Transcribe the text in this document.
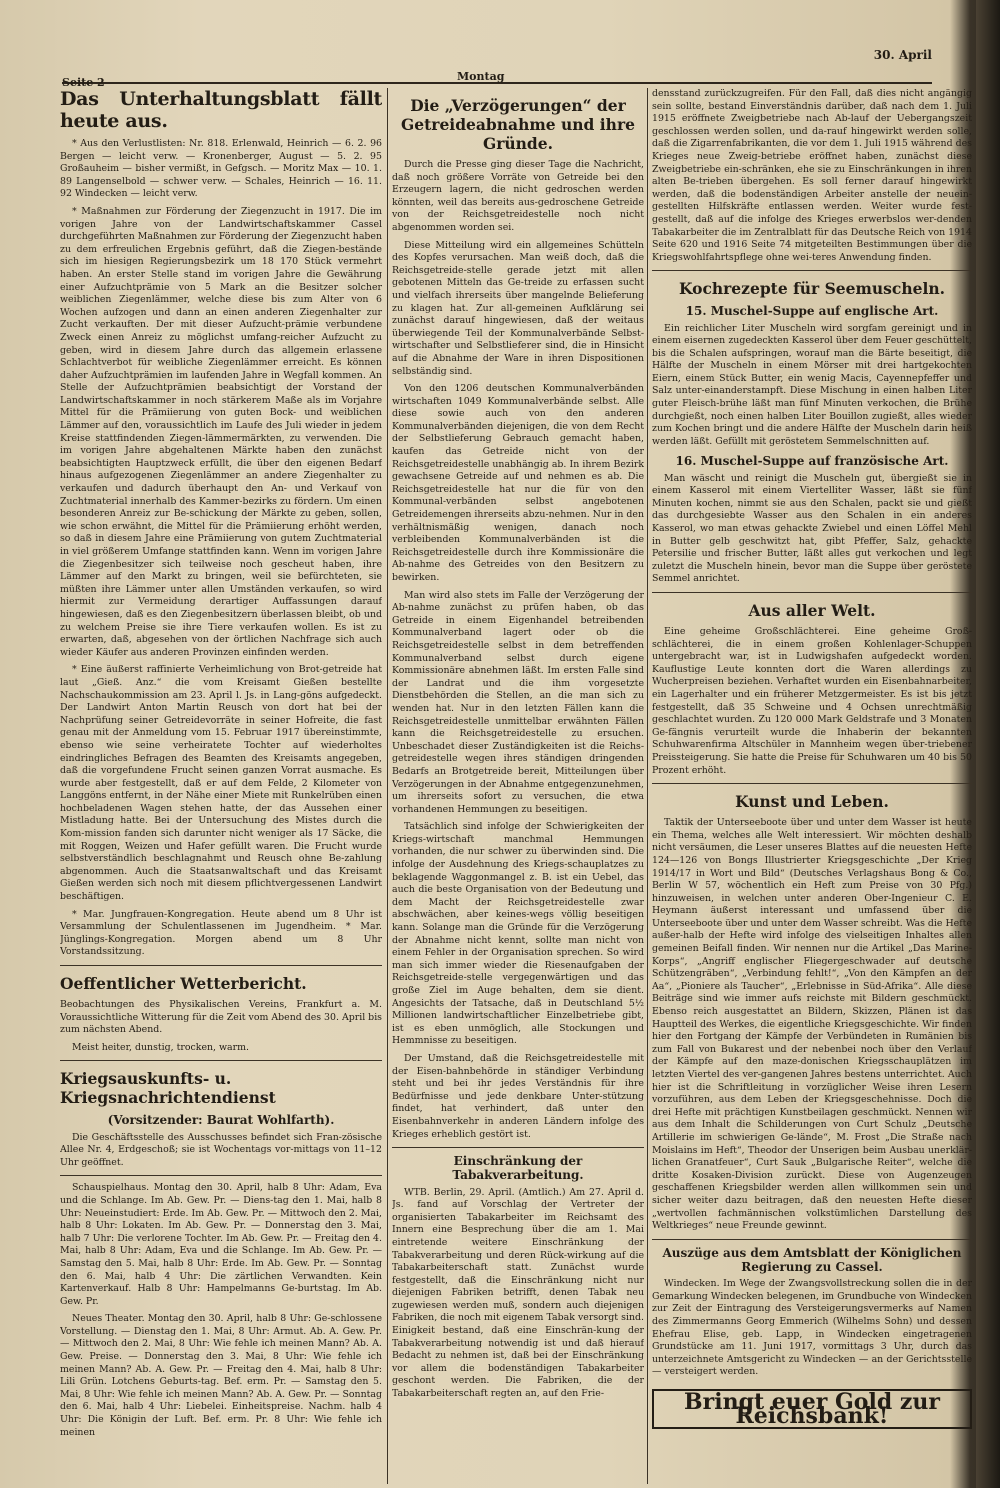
Seite 2	Montag
30. April
Das Unterhaltungsblatt fällt heute aus.

* Aus den Verlustlisten: Nr. 818. Erlenwald, Heinrich — 6. 2. 96 Bergen — leicht verw. — Kronenberger, August — 5. 2. 95 Großauheim — bisher vermißt, in Gefgsch. — Moritz Max — 10. 1. 89 Langenselbold — schwer verw. — Schales, Heinrich — 16. 11. 92 Windecken — leicht verw.

* Maßnahmen zur Förderung der Ziegenzucht in 1917. Die im vorigen Jahre von der Landwirtschaftskammer Cassel durchgeführten Maßnahmen zur Förderung der Ziegenzucht haben zu dem erfreulichen Ergebnis geführt, daß die Ziegen-bestände sich im hiesigen Regierungsbezirk um 18 170 Stück vermehrt haben. An erster Stelle stand im vorigen Jahre die Gewährung einer Aufzuchtprämie von 5 Mark an die Besitzer solcher weiblichen Ziegenlämmer, welche diese bis zum Alter von 6 Wochen aufzogen und dann an einen anderen Ziegenhalter zur Zucht verkauften. Der mit dieser Aufzucht-prämie verbundene Zweck einen Anreiz zu möglichst umfang-reicher Aufzucht zu geben, wird in diesem Jahre durch das allgemein erlassene Schlachtverbot für weibliche Ziegenlämmer erreicht. Es können daher Aufzuchtprämien im laufenden Jahre in Wegfall kommen. An Stelle der Aufzuchtprämien beabsichtigt der Vorstand der Landwirtschaftskammer in noch stärkerem Maße als im Vorjahre Mittel für die Prämiierung von guten Bock- und weiblichen Lämmer auf den, voraussichtlich im Laufe des Juli wieder in jedem Kreise stattfindenden Ziegen-lämmermärkten, zu verwenden. Die im vorigen Jahre abgehaltenen Märkte haben den zunächst beabsichtigten Hauptzweck erfüllt, die über den eigenen Bedarf hinaus aufgezogenen Ziegenlämmer an andere Ziegenhalter zu verkaufen und dadurch überhaupt den An- und Verkauf von Zuchtmaterial innerhalb des Kammer-bezirks zu fördern. Um einen besonderen Anreiz zur Be-schickung der Märkte zu geben, sollen, wie schon erwähnt, die Mittel für die Prämiierung erhöht werden, so daß in diesem Jahre eine Prämiierung von gutem Zuchtmaterial in viel größerem Umfange stattfinden kann. Wenn im vorigen Jahre die Ziegenbesitzer sich teilweise noch gescheut haben, ihre Lämmer auf den Markt zu bringen, weil sie befürchteten, sie müßten ihre Lämmer unter allen Umständen verkaufen, so wird hiermit zur Vermeidung derartiger Auffassungen darauf hingewiesen, daß es den Ziegenbesitzern überlassen bleibt, ob und zu welchem Preise sie ihre Tiere verkaufen wollen. Es ist zu erwarten, daß, abgesehen von der örtlichen Nachfrage sich auch wieder Käufer aus anderen Provinzen einfinden werden.

* Eine äußerst raffinierte Verheimlichung von Brot-getreide hat laut „Gieß. Anz.“ die vom Kreisamt Gießen bestellte Nachschaukommission am 23. April l. Js. in Lang-göns aufgedeckt. Der Landwirt Anton Martin Reusch von dort hat bei der Nachprüfung seiner Getreidevorräte in seiner Hofreite, die fast genau mit der Anmeldung vom 15. Februar 1917 übereinstimmte, ebenso wie seine verheiratete Tochter auf wiederholtes eindringliches Befragen des Beamten des Kreisamts angegeben, daß die vorgefundene Frucht seinen ganzen Vorrat ausmache. Es wurde aber festgestellt, daß er auf dem Felde, 2 Kilometer von Langgöns entfernt, in der Nähe einer Miete mit Runkelrüben einen hochbeladenen Wagen stehen hatte, der das Aussehen einer Mistladung hatte. Bei der Untersuchung des Mistes durch die Kom-mission fanden sich darunter nicht weniger als 17 Säcke, die mit Roggen, Weizen und Hafer gefüllt waren. Die Frucht wurde selbstverständlich beschlagnahmt und Reusch ohne Be-zahlung abgenommen. Auch die Staatsanwaltschaft und das Kreisamt Gießen werden sich noch mit diesem pflichtvergessenen Landwirt beschäftigen.

* Mar. Jungfrauen-Kongregation. Heute abend um 8 Uhr ist Versammlung der Schulentlassenen im Jugendheim. * Mar. Jünglings-Kongregation. Morgen abend um 8 Uhr Vorstandssitzung.

Oeffentlicher Wetterbericht.

Beobachtungen des Physikalischen Vereins, Frankfurt a. M. Voraussichtliche Witterung für die Zeit vom Abend des 30. April bis zum nächsten Abend.

Meist heiter, dunstig, trocken, warm.

Kriegsauskunfts- u. Kriegsnachrichtendienst
(Vorsitzender: Baurat Wohlfarth).

Die Geschäftsstelle des Ausschusses befindet sich Fran-zösische Allee Nr. 4, Erdgeschoß; sie ist Wochentags vor-mittags von 11–12 Uhr geöffnet.

Schauspielhaus. Montag den 30. April, halb 8 Uhr: Adam, Eva und die Schlange. Im Ab. Gew. Pr. — Diens-tag den 1. Mai, halb 8 Uhr: Neueinstudiert: Erde. Im Ab. Gew. Pr. — Mittwoch den 2. Mai, halb 8 Uhr: Lokaten. Im Ab. Gew. Pr. — Donnerstag den 3. Mai, halb 7 Uhr: Die verlorene Tochter. Im Ab. Gew. Pr. — Freitag den 4. Mai, halb 8 Uhr: Adam, Eva und die Schlange. Im Ab. Gew. Pr. — Samstag den 5. Mai, halb 8 Uhr: Erde. Im Ab. Gew. Pr. — Sonntag den 6. Mai, halb 4 Uhr: Die zärtlichen Verwandten. Kein Kartenverkauf. Halb 8 Uhr: Hampelmanns Ge-burtstag. Im Ab. Gew. Pr.

Neues Theater. Montag den 30. April, halb 8 Uhr: Ge-schlossene Vorstellung. — Dienstag den 1. Mai, 8 Uhr: Armut. Ab. A. Gew. Pr. — Mittwoch den 2. Mai, 8 Uhr: Wie fehle ich meinen Mann? Ab. A. Gew. Preise. — Donnerstag den 3. Mai, 8 Uhr: Wie fehle ich meinen Mann? Ab. A. Gew. Pr. — Freitag den 4. Mai, halb 8 Uhr: Lili Grün. Lotchens Geburts-tag. Bef. erm. Pr. — Samstag den 5. Mai, 8 Uhr: Wie fehle ich meinen Mann? Ab. A. Gew. Pr. — Sonntag den 6. Mai, halb 4 Uhr: Liebelei. Einheitspreise. Nachm. halb 4 Uhr: Die Königin der Luft. Bef. erm. Pr. 8 Uhr: Wie fehle ich meinen

Die „Verzögerungen“ der Getreideabnahme und ihre Gründe.

Durch die Presse ging dieser Tage die Nachricht, daß noch größere Vorräte von Getreide bei den Erzeugern lagern, die nicht gedroschen werden könnten, weil das bereits aus-gedroschene Getreide von der Reichsgetreidestelle noch nicht abgenommen worden sei.

Diese Mitteilung wird ein allgemeines Schütteln des Kopfes verursachen. Man weiß doch, daß die Reichsgetreide-stelle gerade jetzt mit allen gebotenen Mitteln das Ge-treide zu erfassen sucht und vielfach ihrerseits über mangelnde Belieferung zu klagen hat. Zur all-gemeinen Aufklärung sei zunächst darauf hingewiesen, daß der weitaus überwiegende Teil der Kommunalverbände Selbst-wirtschafter und Selbstlieferer sind, die in Hinsicht auf die Abnahme der Ware in ihren Dispositionen selbständig sind.

Von den 1206 deutschen Kommunalverbänden wirtschaften 1049 Kommunalverbände selbst. Alle diese sowie auch von den anderen Kommunalverbänden diejenigen, die von dem Recht der Selbstlieferung Gebrauch gemacht haben, kaufen das Getreide nicht von der Reichsgetreidestelle unabhängig ab. In ihrem Bezirk gewachsene Getreide auf und nehmen es ab. Die Reichsgetreidestelle hat nur die für von den Kommunal-verbänden selbst angebotenen Getreidemengen ihrerseits abzu-nehmen. Nur in den verhältnismäßig wenigen, danach noch verbleibenden Kommunalverbänden ist die Reichsgetreidestelle durch ihre Kommissionäre die Ab-nahme des Getreides von den Besitzern zu bewirken.

Man wird also stets im Falle der Verzögerung der Ab-nahme zunächst zu prüfen haben, ob das Getreide in einem Eigenhandel betreibenden Kommunalverband lagert oder ob die Reichsgetreidestelle selbst in dem betreffenden Kommunalverband selbst durch eigene Kommissionäre abnehmen läßt. Im ersten Falle sind der Landrat und die ihm vorgesetzte Dienstbehörden die Stellen, an die man sich zu wenden hat. Nur in den letzten Fällen kann die Reichsgetreidestelle unmittelbar erwähnten Fällen kann die Reichsgetreidestelle zu ersuchen. Unbeschadet dieser Zuständigkeiten ist die Reichs-getreidestelle wegen ihres ständigen dringenden Bedarfs an Brotgetreide bereit, Mitteilungen über Verzögerungen in der Abnahme entgegenzunehmen, um ihrerseits sofort zu versuchen, die etwa vorhandenen Hemmungen zu beseitigen.

Tatsächlich sind infolge der Schwierigkeiten der Kriegs-wirtschaft manchmal Hemmungen vorhanden, die nur schwer zu überwinden sind. Die infolge der Ausdehnung des Kriegs-schauplatzes zu beklagende Waggonmangel z. B. ist ein Uebel, das auch die beste Organisation von der Bedeutung und dem Macht der Reichsgetreidestelle zwar abschwächen, aber keines-wegs völlig beseitigen kann. Solange man die Gründe für die Verzögerung der Abnahme nicht kennt, sollte man nicht von einem Fehler in der Organisation sprechen. So wird man sich immer wieder die Riesenaufgaben der Reichsgetreide-stelle vergegenwärtigen und das große Ziel im Auge behalten, dem sie dient. Angesichts der Tatsache, daß in Deutschland 5½ Millionen landwirtschaftlicher Einzelbetriebe gibt, ist es eben unmöglich, alle Stockungen und Hemmnisse zu beseitigen.

Der Umstand, daß die Reichsgetreidestelle mit der Eisen-bahnbehörde in ständiger Verbindung steht und bei ihr jedes Verständnis für ihre Bedürfnisse und jede denkbare Unter-stützung findet, hat verhindert, daß unter den Eisenbahnverkehr in anderen Ländern infolge des Krieges erheblich gestört ist.

Einschränkung der Tabakverarbeitung.

WTB. Berlin, 29. April. (Amtlich.) Am 27. April d. Js. fand auf Vorschlag der Vertreter der organisierten Tabakarbeiter im Reichsamt des Innern eine Besprechung über die am 1. Mai eintretende weitere Einschränkung der Tabakverarbeitung und deren Rück-wirkung auf die Tabakarbeiterschaft statt. Zunächst wurde festgestellt, daß die Einschränkung nicht nur diejenigen Fabriken betrifft, denen Tabak neu zugewiesen werden muß, sondern auch diejenigen Fabriken, die noch mit eigenem Tabak versorgt sind. Einigkeit bestand, daß eine Einschrän-kung der Tabakverarbeitung notwendig ist und daß hierauf Bedacht zu nehmen ist, daß bei der Einschränkung vor allem die bodenständigen Tabakarbeiter geschont werden. Die Fabriken, die der Tabakarbeiterschaft regten an, auf den Frie-

densstand zurückzugreifen. Für den Fall, daß dies nicht angängig sein sollte, bestand Einverständnis darüber, daß nach dem 1. Juli 1915 eröffnete Zweigbetriebe nach Ab-lauf der Uebergangszeit geschlossen werden sollen, und da-rauf hingewirkt werden solle, daß die Zigarrenfabrikanten, die vor dem 1. Juli 1915 während des Krieges neue Zweig-betriebe eröffnet haben, zunächst diese Zweigbetriebe ein-schränken, ehe sie zu Einschränkungen in ihren alten Be-trieben übergehen. Es soll ferner darauf hingewirkt werden, daß die bodenständigen Arbeiter anstelle der neuein-gestellten Hilfskräfte entlassen werden. Weiter wurde fest-gestellt, daß auf die infolge des Krieges erwerbslos wer-denden Tabakarbeiter die im Zentralblatt für das Deutsche Reich von 1914 Seite 620 und 1916 Seite 74 mitgeteilten Bestimmungen über die Kriegswohlfahrtspflege ohne wei-teres Anwendung finden.

Kochrezepte für Seemuscheln.
15. Muschel-Suppe auf englische Art.

Ein reichlicher Liter Muscheln wird sorgfam gereinigt und in einem eisernen zugedeckten Kasserol über dem Feuer geschüttelt, bis die Schalen aufspringen, worauf man die Bärte beseitigt, die Hälfte der Muscheln in einem Mörser mit drei hartgekochten Eiern, einem Stück Butter, ein wenig Macis, Cayennepfeffer und Salz unter-einanderstampft. Diese Mischung in einen halben Liter guter Fleisch-brühe läßt man fünf Minuten verkochen, die Brühe durchgießt, noch einen halben Liter Bouillon zugießt, alles wieder zum Kochen bringt und die andere Hälfte der Muscheln darin heiß werden läßt. Gefüllt mit geröstetem Semmelschnitten auf.

16. Muschel-Suppe auf französische Art.

Man wäscht und reinigt die Muscheln gut, übergießt sie in einem Kasserol mit einem Viertelliter Wasser, läßt sie fünf Minuten kochen, nimmt sie aus den Schalen, packt sie und gießt das durchgesiebte Wasser aus den Schalen in ein anderes Kasserol, wo man etwas gehackte Zwiebel und einen Löffel Mehl in Butter gelb geschwitzt hat, gibt Pfeffer, Salz, gehackte Petersilie und frischer Butter, läßt alles gut verkochen und legt zuletzt die Muscheln hinein, bevor man die Suppe über geröstete Semmel anrichtet.

Aus aller Welt.

Eine geheime Großschlächterei. Eine geheime Groß-schlächterei, die in einem großen Kohlenlager-Schuppen untergebracht war, ist in Ludwigshafen aufgedeckt worden. Kauflustige Leute konnten dort die Waren allerdings zu Wucherpreisen beziehen. Verhaftet wurden ein Eisenbahnarbeiter, ein Lagerhalter und ein früherer Metzgermeister. Es ist bis jetzt festgestellt, daß 35 Schweine und 4 Ochsen unrechtmäßig geschlachtet wurden. Zu 120 000 Mark Geldstrafe und 3 Monaten Ge-fängnis verurteilt wurde die Inhaberin der bekannten Schuhwarenfirma Altschüler in Mannheim wegen über-triebener Preissteigerung. Sie hatte die Preise für Schuhwaren um 40 bis 50 Prozent erhöht.

Kunst und Leben.

Taktik der Unterseeboote über und unter dem Wasser ist heute ein Thema, welches alle Welt interessiert. Wir möchten deshalb nicht versäumen, die Leser unseres Blattes auf die neuesten Hefte 124—126 von Bongs Illustrierter Kriegsgeschichte „Der Krieg 1914/17 in Wort und Bild“ (Deutsches Verlagshaus Bong & Co., Berlin W 57, wöchentlich ein Heft zum Preise von 30 Pfg.) hinzuweisen, in welchen unter anderen Ober-Ingenieur C. E. Heymann äußerst interessant und umfassend über die Unterseeboote über und unter dem Wasser schreibt. Was die Hefte außer-halb der Hefte wird infolge des vielseitigen Inhaltes allen gemeinen Beifall finden. Wir nennen nur die Artikel „Das Marine-Korps“, „Angriff englischer Fliegergeschwader auf deutsche Schützengräben“, „Verbindung fehlt!“, „Von den Kämpfen an der Aa“, „Pioniere als Taucher“, „Erlebnisse in Süd-Afrika“. Alle diese Beiträge sind wie immer aufs reichste mit Bildern geschmückt. Ebenso reich ausgestattet an Bildern, Skizzen, Plänen ist das Hauptteil des Werkes, die eigentliche Kriegsgeschichte. Wir finden hier den Fortgang der Kämpfe der Verbündeten in Rumänien bis zum Fall von Bukarest und der nebenbei noch über den Verlauf der Kämpfe auf den maze-donischen Kriegsschauplätzen im letzten Viertel des ver-gangenen Jahres bestens unterrichtet. Auch hier ist die Schriftleitung in vorzüglicher Weise ihren Lesern vorzuführen, aus dem Leben der Kriegsgeschehnisse. Doch die drei Hefte mit prächtigen Kunstbeilagen geschmückt. Nennen wir aus dem Inhalt die Schilderungen von Curt Schulz „Deutsche Artillerie im schwierigen Ge-lände“, M. Frost „Die Straße nach Moislains im Heft“, Theodor der Unserigen beim Ausbau unerklär-lichen Granatfeuer“, Curt Sauk „Bulgarische Reiter“, welche die dritte Kosaken-Division zurückt. Diese von Augenzeugen geschaffenen Kriegsbilder werden allen willkommen sein und sicher weiter dazu beitragen, daß den neuesten Hefte dieser „wertvollen fachmännischen volkstümlichen Darstellung des Weltkrieges“ neue Freunde gewinnt.

Auszüge aus dem Amtsblatt der Königlichen Regierung zu Cassel.

Windecken. Im Wege der Zwangsvollstreckung sollen die in der Gemarkung Windecken belegenen, im Grundbuche von Windecken zur Zeit der Eintragung des Versteigerungsvermerks auf Namen des Zimmermanns Georg Emmerich (Wilhelms Sohn) und dessen Ehefrau Elise, geb. Lapp, in Windecken eingetragenen Grundstücke am 11. Juni 1917, vormittags 3 Uhr, durch das unterzeichnete Amtsgericht zu Windecken — an der Gerichtsstelle — versteigert werden.

Bringt euer Gold zur Reichsbank!
